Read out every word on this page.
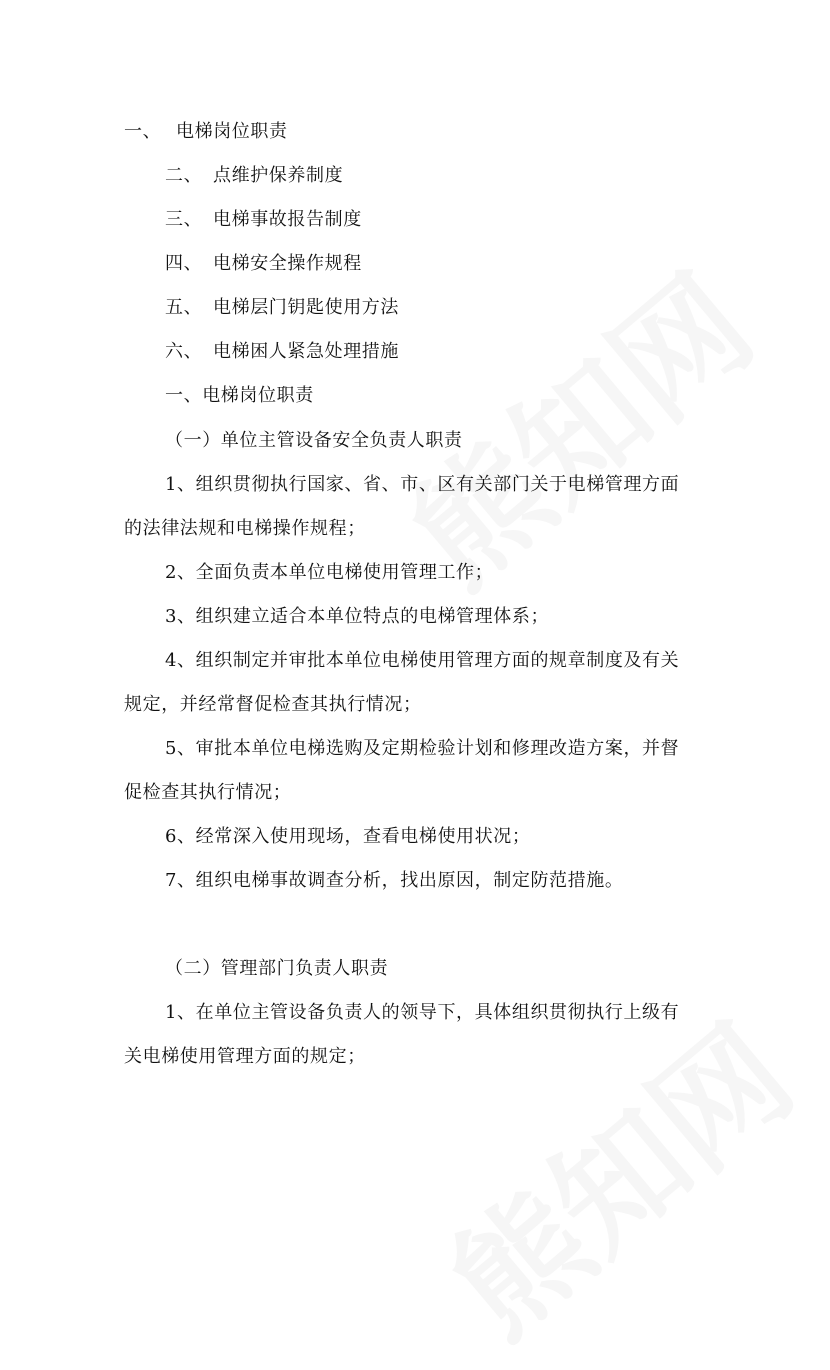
一、 电梯岗位职责
二、 点维护保养制度
三、 电梯事故报告制度
四、 电梯安全操作规程
五、 电梯层门钥匙使用方法
六、 电梯困人紧急处理措施
一、电梯岗位职责
（一）单位主管设备安全负责人职责
1、组织贯彻执行国家、省、市、区有关部门关于电梯管理方面
的法律法规和电梯操作规程；
2、全面负责本单位电梯使用管理工作；
3、组织建立适合本单位特点的电梯管理体系；
4、组织制定并审批本单位电梯使用管理方面的规章制度及有关
规定，并经常督促检查其执行情况；
5、审批本单位电梯选购及定期检验计划和修理改造方案，并督
促检查其执行情况；
6、经常深入使用现场，查看电梯使用状况；
7、组织电梯事故调查分析，找出原因，制定防范措施。
（二）管理部门负责人职责
1、在单位主管设备负责人的领导下，具体组织贯彻执行上级有
关电梯使用管理方面的规定；
